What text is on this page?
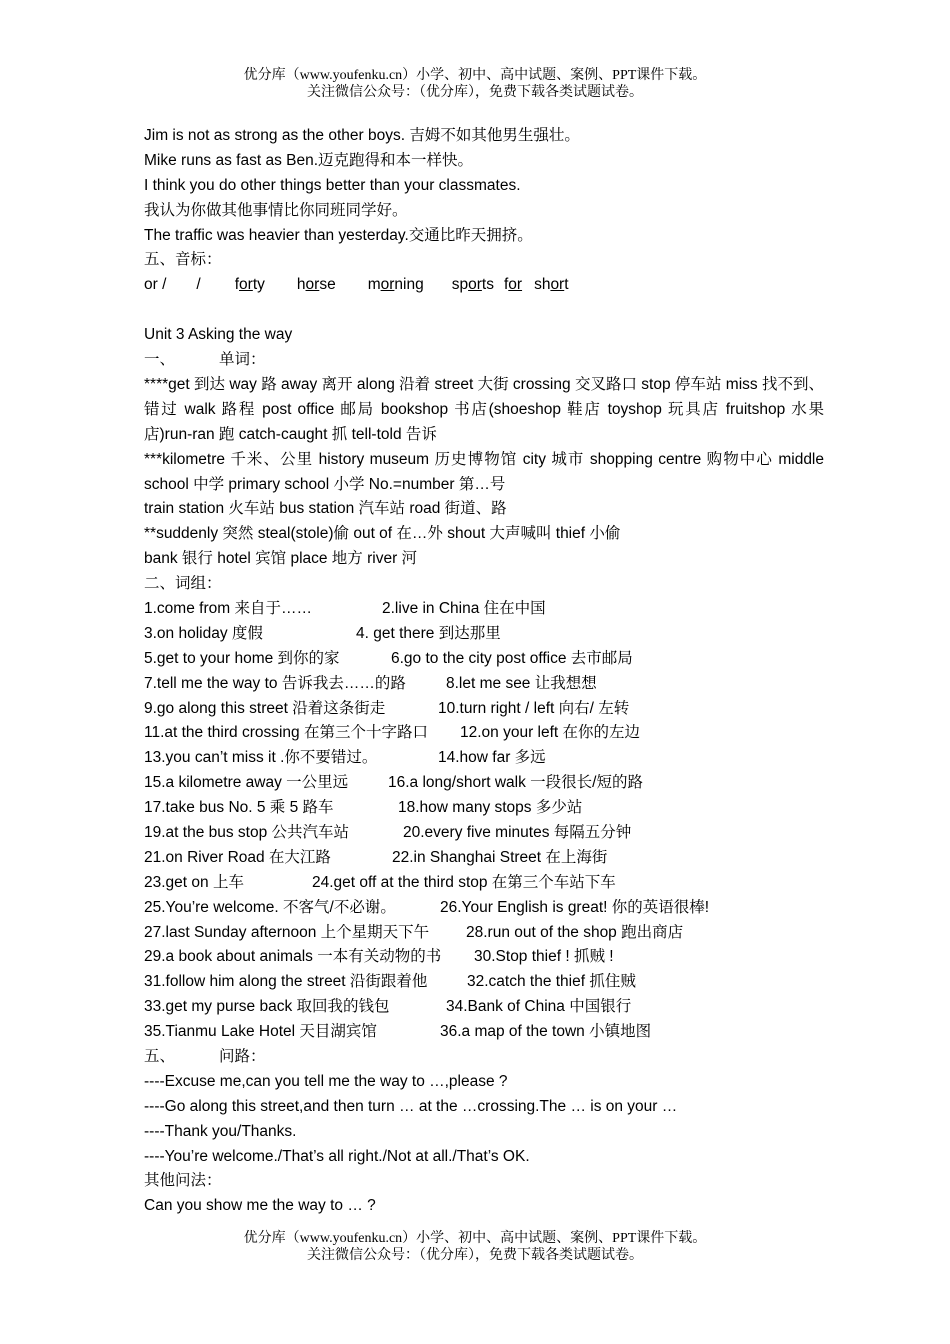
优分库（www.youfenku.cn）小学、初中、高中试题、案例、PPT课件下载。
关注微信公众号：（优分库），免费下载各类试题试卷。
Jim is not as strong as the other boys. 吉姆不如其他男生强壮。
Mike runs as fast as Ben.迈克跑得和本一样快。
I think you do other things better than your classmates.
我认为你做其他事情比你同班同学好。
The traffic was heavier than yesterday.交通比昨天拥挤。
五、音标：
or / / forty horse morning sports for short
Unit 3 Asking the way
一、	单词：
****get 到达 way 路 away 离开 along 沿着 street 大街 crossing 交叉路口 stop 停车站 miss 找不到、错过 walk 路程 post office 邮局 bookshop 书店(shoeshop 鞋店 toyshop 玩具店 fruitshop 水果店)run-ran 跑 catch-caught 抓 tell-told 告诉
***kilometre 千米、公里 history museum 历史博物馆 city 城市 shopping centre 购物中心 middle school 中学 primary school 小学 No.=number 第…号
train station 火车站 bus station 汽车站 road 街道、路
**suddenly 突然 steal(stole)偷 out of 在…外 shout 大声喊叫 thief 小偷
bank 银行 hotel 宾馆 place 地方 river 河
二、词组：
1.come from 来自于……	2.live in China 住在中国
3.on holiday 度假	4. get there 到达那里
5.get to your home 到你的家	6.go to the city post office 去市邮局
7.tell me the way to 告诉我去……的路	8.let me see 让我想想
9.go along this street 沿着这条街走	10.turn right / left 向右/ 左转
11.at the third crossing 在第三个十字路口 12.on your left 在你的左边
13.you can’t miss it .你不要错过。	14.how far 多远
15.a kilometre away 一公里远	16.a long/short walk 一段很长/短的路
17.take bus No. 5 乘 5 路车	18.how many stops 多少站
19.at the bus stop 公共汽车站	20.every five minutes 每隔五分钟
21.on River Road 在大江路	22.in Shanghai Street 在上海街
23.get on 上车	24.get off at the third stop 在第三个车站下车
25.You’re welcome. 不客气/不必谢。	26.Your English is great! 你的英语很棒!
27.last Sunday afternoon 上个星期天下午 28.run out of the shop 跑出商店
29.a book about animals 一本有关动物的书 30.Stop thief ! 抓贼 !
31.follow him along the street 沿街跟着他	32.catch the thief 抓住贼
33.get my purse back 取回我的钱包	34.Bank of China 中国银行
35.Tianmu Lake Hotel 天目湖宾馆	36.a map of the town 小镇地图
五、	问路：
----Excuse me,can you tell me the way to …,please ?
----Go along this street,and then turn … at the …crossing.The … is on your …
----Thank you/Thanks.
----You’re welcome./That’s all right./Not at all./That’s OK.
其他问法：
Can you show me the way to … ?
优分库（www.youfenku.cn）小学、初中、高中试题、案例、PPT课件下载。
关注微信公众号：（优分库），免费下载各类试题试卷。
